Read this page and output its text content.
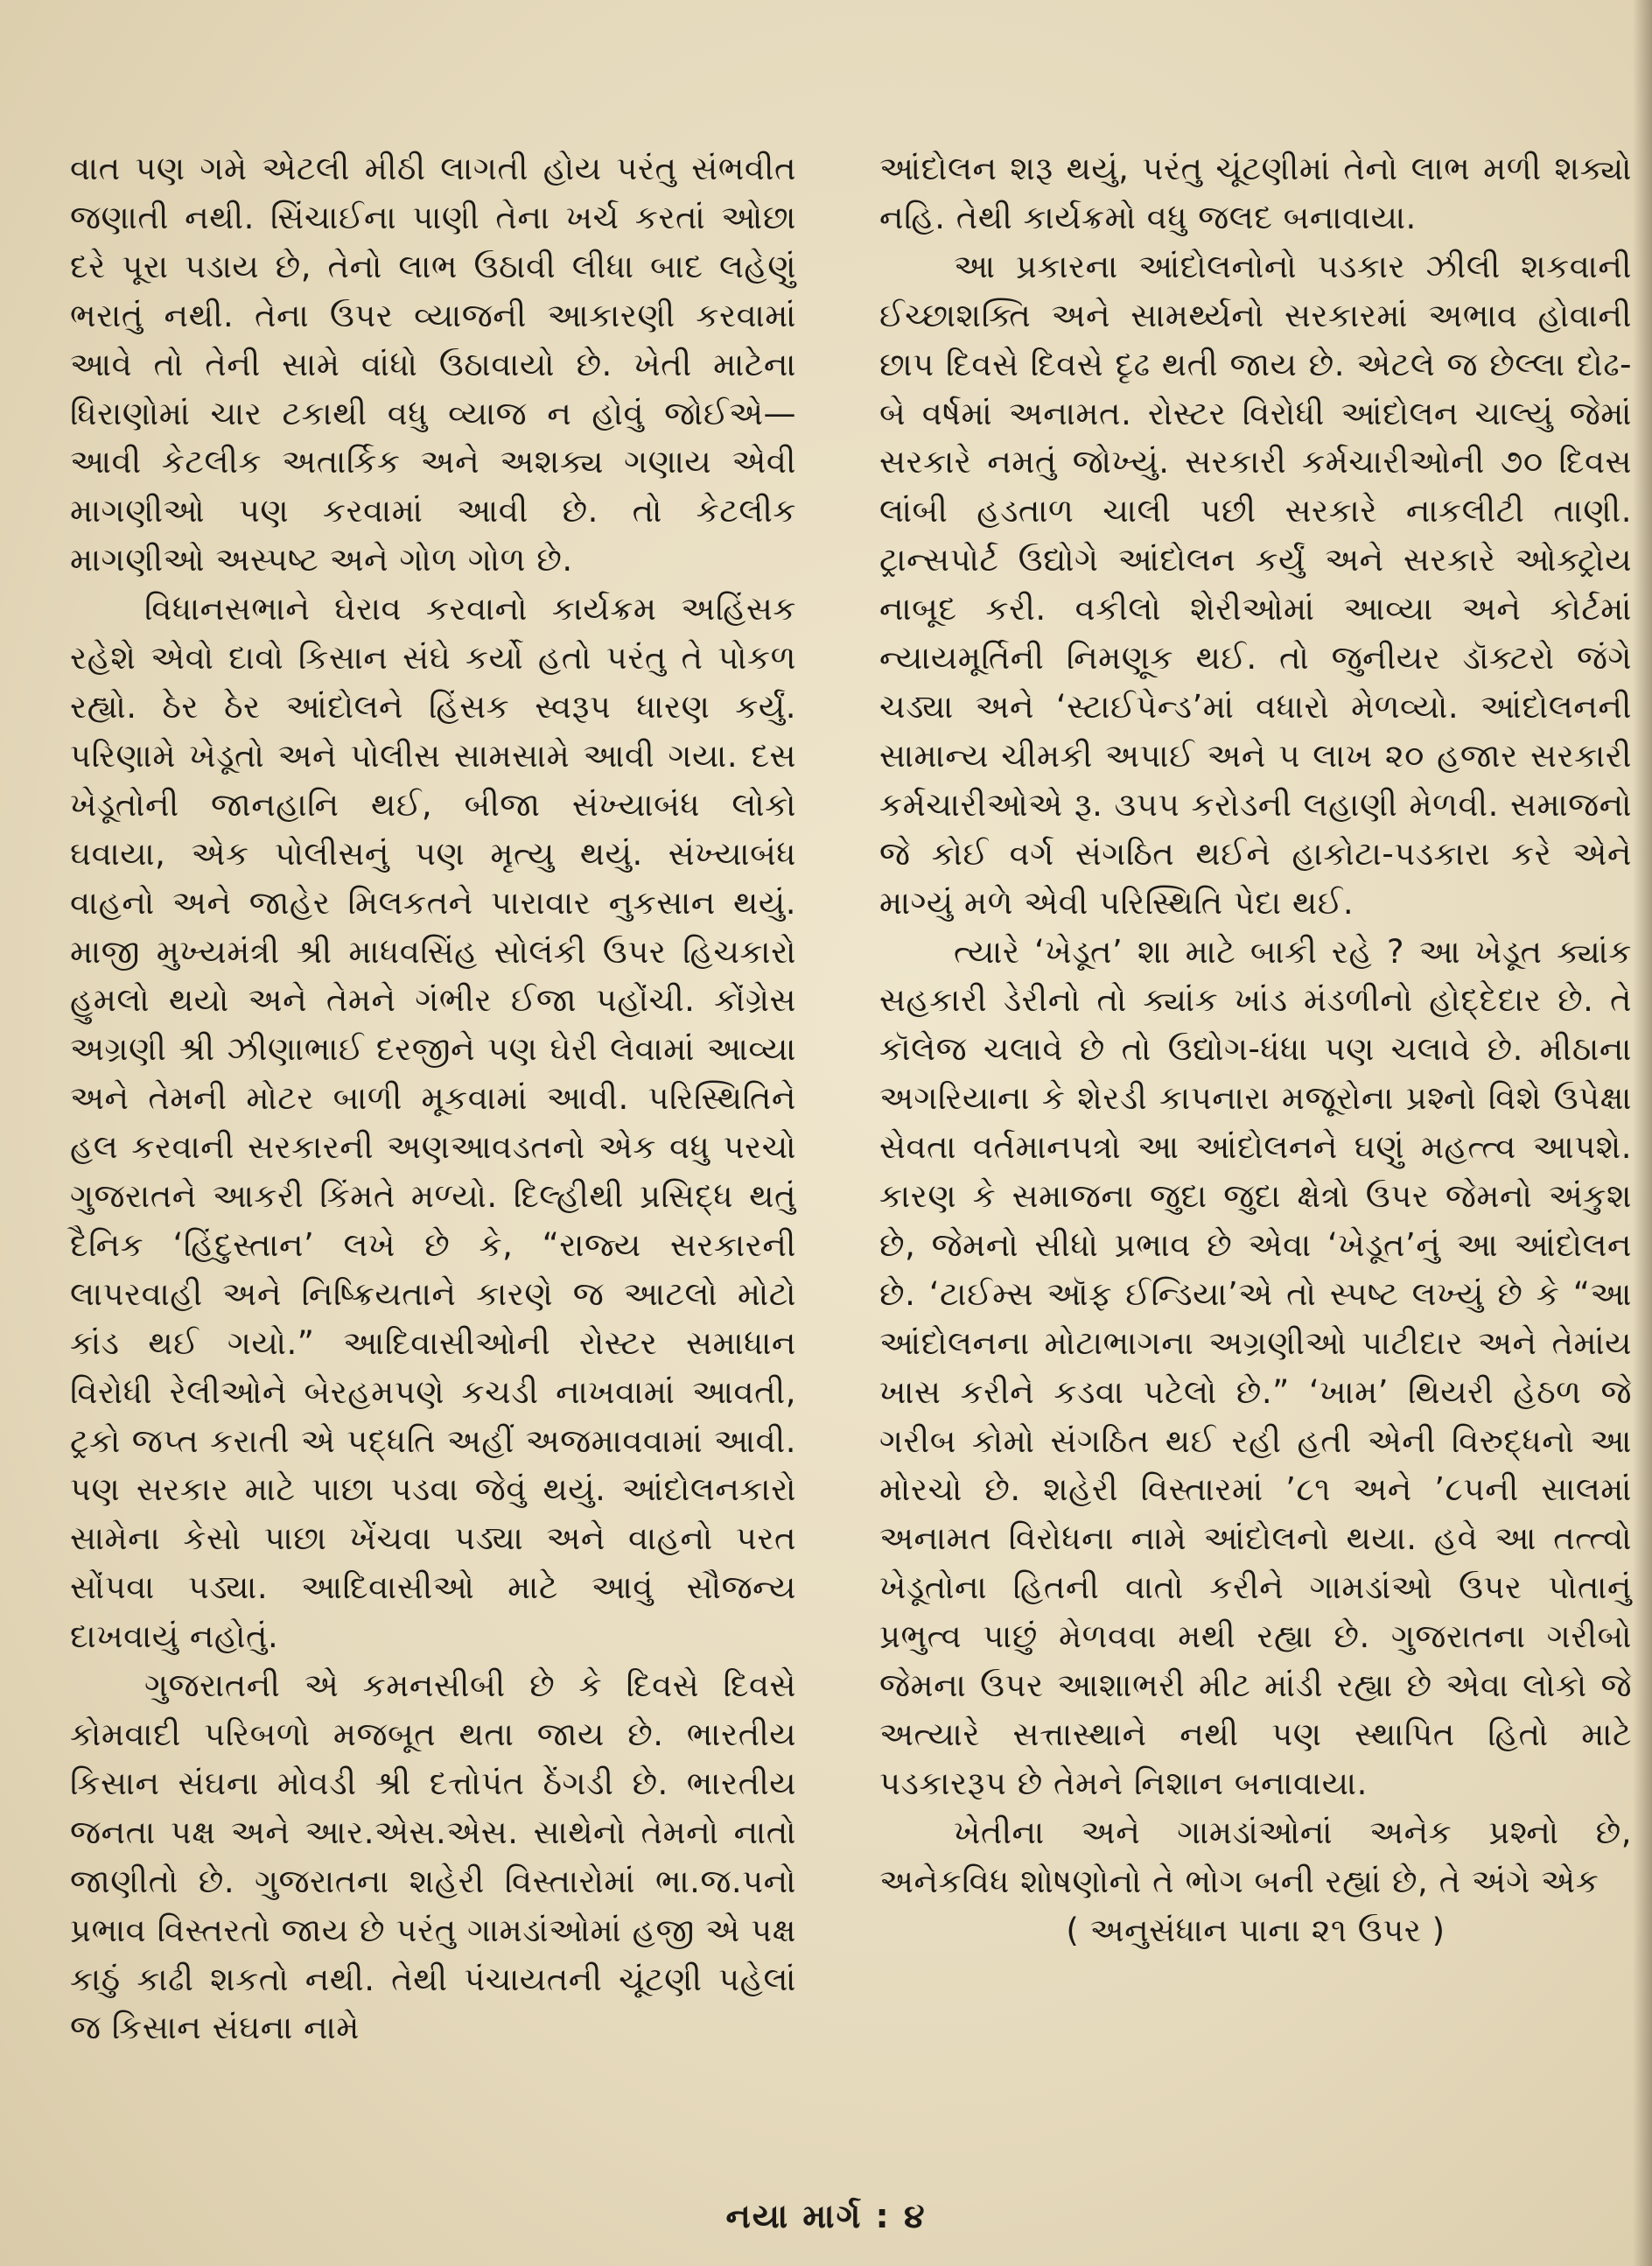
વાત પણ ગમે એટલી મીઠી લાગતી હોય પરંતુ સંભવીત જણાતી નથી. સિંચાઈના પાણી તેના ખર્ચ કરતાં ઓછા દરે પૂરા પડાય છે, તેનો લાભ ઉઠાવી લીધા બાદ લહેણું ભરાતું નથી. તેના ઉપર વ્યાજની આકારણી કરવામાં આવે તો તેની સામે વાંધો ઉઠાવાયો છે. ખેતી માટેના ધિરાણોમાં ચાર ટકાથી વધુ વ્યાજ ન હોવું જોઈએ— આવી કેટલીક અતાર્કિક અને અશક્ય ગણાય એવી માગણીઓ પણ કરવામાં આવી છે. તો કેટલીક માગણીઓ અસ્પષ્ટ અને ગોળ ગોળ છે.

વિધાનસભાને ઘેરાવ કરવાનો કાર્યક્રમ અહિંસક રહેશે એવો દાવો કિસાન સંઘે કર્યો હતો પરંતુ તે પોકળ રહ્યો. ઠેર ઠેર આંદોલને હિંસક સ્વરૂપ ધારણ કર્યું. પરિણામે ખેડૂતો અને પોલીસ સામસામે આવી ગયા. દસ ખેડૂતોની જાનહાનિ થઈ, બીજા સંખ્યાબંધ લોકો ઘવાયા, એક પોલીસનું પણ મૃત્યુ થયું. સંખ્યાબંધ વાહનો અને જાહેર મિલકતને પારાવાર નુકસાન થયું. માજી મુખ્યમંત્રી શ્રી માધવસિંહ સોલંકી ઉપર હિચકારો હુમલો થયો અને તેમને ગંભીર ઈજા પહોંચી. કોંગ્રેસ અગ્રણી શ્રી ઝીણાભાઈ દરજીને પણ ઘેરી લેવામાં આવ્યા અને તેમની મોટર બાળી મૂકવામાં આવી. પરિસ્થિતિને હલ કરવાની સરકારની અણઆવડતનો એક વધુ પરચો ગુજરાતને આકરી કિંમતે મળ્યો. દિલ્હીથી પ્રસિદ્ધ થતું દૈનિક ‘હિંદુસ્તાન’ લખે છે કે, “રાજ્ય સરકારની લાપરવાહી અને નિષ્ક્રિયતાને કારણે જ આટલો મોટો કાંડ થઈ ગયો.” આદિવાસીઓની રોસ્ટર સમાધાન વિરોધી રેલીઓને બેરહમપણે કચડી નાખવામાં આવતી, ટ્રકો જપ્ત કરાતી એ પદ્ધતિ અહીં અજમાવવામાં આવી. પણ સરકાર માટે પાછા પડવા જેવું થયું. આંદોલનકારો સામેના કેસો પાછા ખેંચવા પડ્યા અને વાહનો પરત સોંપવા પડ્યા. આદિવાસીઓ માટે આવું સૌજન્ય દાખવાયું નહોતું.

ગુજરાતની એ કમનસીબી છે કે દિવસે દિવસે કોમવાદી પરિબળો મજબૂત થતા જાય છે. ભારતીય કિસાન સંઘના મોવડી શ્રી દત્તોપંત ઠેંગડી છે. ભારતીય જનતા પક્ષ અને આર.એસ.એસ. સાથેનો તેમનો નાતો જાણીતો છે. ગુજરાતના શહેરી વિસ્તારોમાં ભા.જ.પનો પ્રભાવ વિસ્તરતો જાય છે પરંતુ ગામડાંઓમાં હજી એ પક્ષ કાઠું કાઢી શકતો નથી. તેથી પંચાયતની ચૂંટણી પહેલાં જ કિસાન સંઘના નામે

આંદોલન શરૂ થયું, પરંતુ ચૂંટણીમાં તેનો લાભ મળી શક્યો નહિ. તેથી કાર્યક્રમો વધુ જલદ બનાવાયા.

આ પ્રકારના આંદોલનોનો પડકાર ઝીલી શકવાની ઈચ્છાશક્તિ અને સામર્થ્યનો સરકારમાં અભાવ હોવાની છાપ દિવસે દિવસે દૃઢ થતી જાય છે. એટલે જ છેલ્લા દોઢ-બે વર્ષમાં અનામત. રોસ્ટર વિરોધી આંદોલન ચાલ્યું જેમાં સરકારે નમતું જોખ્યું. સરકારી કર્મચારીઓની ૭૦ દિવસ લાંબી હડતાળ ચાલી પછી સરકારે નાકલીટી તાણી. ટ્રાન્સપોર્ટ ઉદ્યોગે આંદોલન કર્યું અને સરકારે ઓક્ટ્રોય નાબૂદ કરી. વકીલો શેરીઓમાં આવ્યા અને કોર્ટમાં ન્યાયમૂર્તિની નિમણૂક થઈ. તો જુનીયર ડૉક્ટરો જંગે ચડ્યા અને ‘સ્ટાઈપેન્ડ’માં વધારો મેળવ્યો. આંદોલનની સામાન્ય ચીમકી અપાઈ અને ૫ લાખ ૨૦ હજાર સરકારી કર્મચારીઓએ રૂ. ૩૫૫ કરોડની લહાણી મેળવી. સમાજનો જે કોઈ વર્ગ સંગઠિત થઈને હાકોટા-પડકારા કરે એને માગ્યું મળે એવી પરિસ્થિતિ પેદા થઈ.

ત્યારે ‘ખેડૂત’ શા માટે બાકી રહે ? આ ખેડૂત ક્યાંક સહકારી ડેરીનો તો ક્યાંક ખાંડ મંડળીનો હોદ્દેદાર છે. તે કૉલેજ ચલાવે છે તો ઉદ્યોગ-ધંધા પણ ચલાવે છે. મીઠાના અગરિયાના કે શેરડી કાપનારા મજૂરોના પ્રશ્નો વિશે ઉપેક્ષા સેવતા વર્તમાનપત્રો આ આંદોલનને ઘણું મહત્ત્વ આપશે. કારણ કે સમાજના જુદા જુદા ક્ષેત્રો ઉપર જેમનો અંકુશ છે, જેમનો સીધો પ્રભાવ છે એવા ‘ખેડૂત’નું આ આંદોલન છે. ‘ટાઈમ્સ ઑફ ઈન્ડિયા’એ તો સ્પષ્ટ લખ્યું છે કે “આ આંદોલનના મોટાભાગના અગ્રણીઓ પાટીદાર અને તેમાંય ખાસ કરીને કડવા પટેલો છે.” ‘ખામ’ થિયરી હેઠળ જે ગરીબ કોમો સંગઠિત થઈ રહી હતી એની વિરુદ્ધનો આ મોરચો છે. શહેરી વિસ્તારમાં ’૮૧ અને ’૮૫ની સાલમાં અનામત વિરોધના નામે આંદોલનો થયા. હવે આ તત્ત્વો ખેડૂતોના હિતની વાતો કરીને ગામડાંઓ ઉપર પોતાનું પ્રભુત્વ પાછું મેળવવા મથી રહ્યા છે. ગુજરાતના ગરીબો જેમના ઉપર આશાભરી મીટ માંડી રહ્યા છે એવા લોકો જે અત્યારે સત્તાસ્થાને નથી પણ સ્થાપિત હિતો માટે પડકારરૂપ છે તેમને નિશાન બનાવાયા.

ખેતીના અને ગામડાંઓનાં અનેક પ્રશ્નો છે, અનેકવિધ શોષણોનો તે ભોગ બની રહ્યાં છે, તે અંગે એક

( અનુસંધાન પાના ૨૧ ઉપર )

નયા માર્ગ : ૪
